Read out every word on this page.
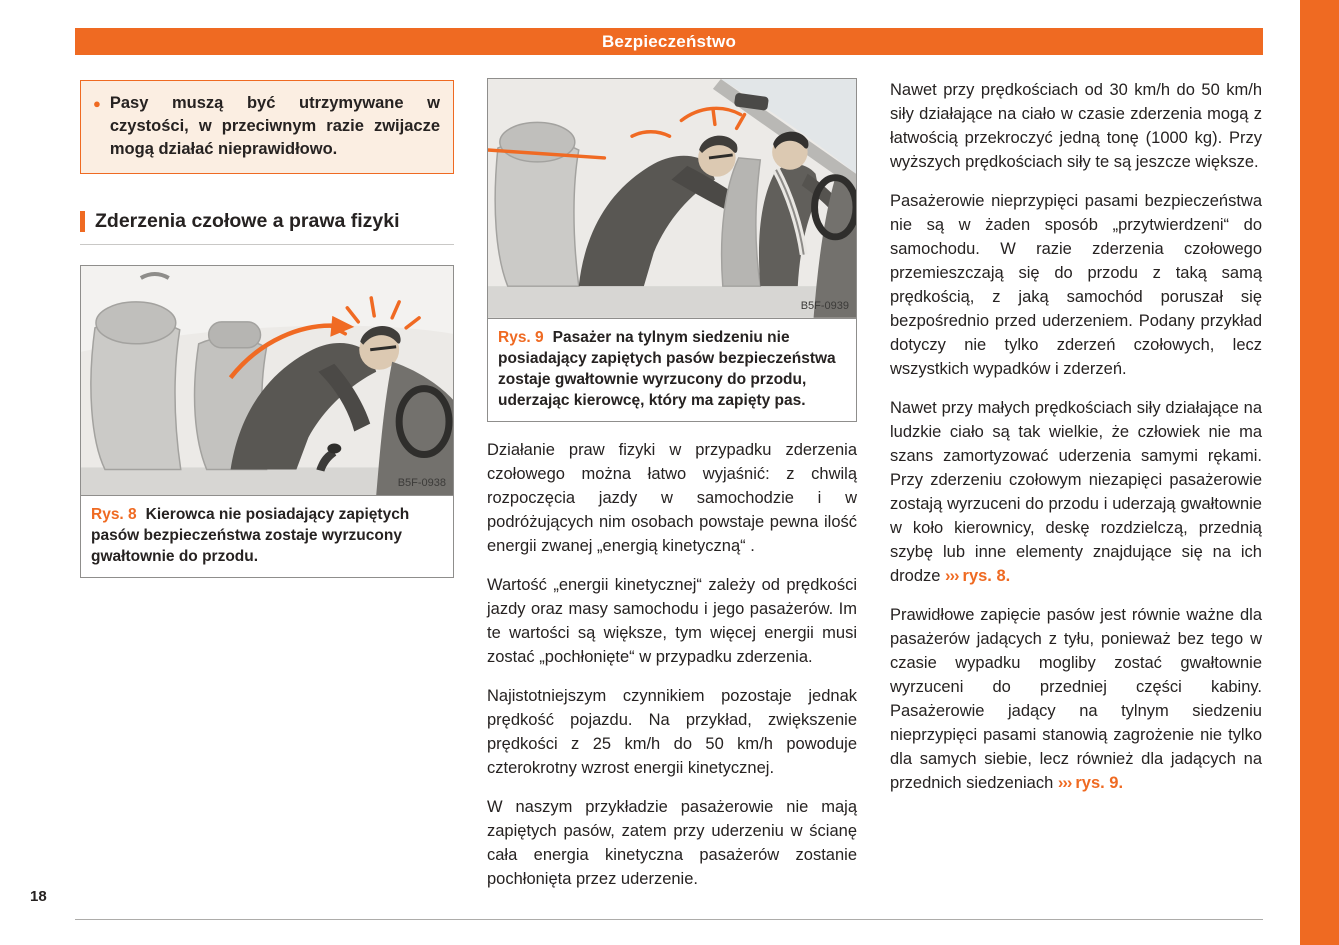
Bezpieczeństwo
● Pasy muszą być utrzymywane w czystości, w przeciwnym razie zwijacze mogą działać nieprawidłowo.
Zderzenia czołowe a prawa fizyki
B5F-0938
Rys. 8 Kierowca nie posiadający zapiętych pasów bezpieczeństwa zostaje wyrzucony gwałtownie do przodu.
B5F-0939
Rys. 9 Pasażer na tylnym siedzeniu nie posiadający zapiętych pasów bezpieczeństwa zostaje gwałtownie wyrzucony do przodu, uderzając kierowcę, który ma zapięty pas.

Działanie praw fizyki w przypadku zderzenia czołowego można łatwo wyjaśnić: z chwilą rozpoczęcia jazdy w samochodzie i w podróżujących nim osobach powstaje pewna ilość energii zwanej „energią kinetyczną“ .

Wartość „energii kinetycznej“ zależy od prędkości jazdy oraz masy samochodu i jego pasażerów. Im te wartości są większe, tym więcej energii musi zostać „pochłonięte“ w przypadku zderzenia.

Najistotniejszym czynnikiem pozostaje jednak prędkość pojazdu. Na przykład, zwiększenie prędkości z 25 km/h do 50 km/h powoduje czterokrotny wzrost energii kinetycznej.

W naszym przykładzie pasażerowie nie mają zapiętych pasów, zatem przy uderzeniu w ścianę cała energia kinetyczna pasażerów zostanie pochłonięta przez uderzenie.

Nawet przy prędkościach od 30 km/h do 50 km/h siły działające na ciało w czasie zderzenia mogą z łatwością przekroczyć jedną tonę (1000 kg). Przy wyższych prędkościach siły te są jeszcze większe.

Pasażerowie nieprzypięci pasami bezpieczeństwa nie są w żaden sposób „przytwierdzeni“ do samochodu. W razie zderzenia czołowego przemieszczają się do przodu z taką samą prędkością, z jaką samochód poruszał się bezpośrednio przed uderzeniem. Podany przykład dotyczy nie tylko zderzeń czołowych, lecz wszystkich wypadków i zderzeń.

Nawet przy małych prędkościach siły działające na ludzkie ciało są tak wielkie, że człowiek nie ma szans zamortyzować uderzenia samymi rękami. Przy zderzeniu czołowym niezapięci pasażerowie zostają wyrzuceni do przodu i uderzają gwałtownie w koło kierownicy, deskę rozdzielczą, przednią szybę lub inne elementy znajdujące się na ich drodze ››› rys. 8.

Prawidłowe zapięcie pasów jest równie ważne dla pasażerów jadących z tyłu, ponieważ bez tego w czasie wypadku mogliby zostać gwałtownie wyrzuceni do przedniej części kabiny. Pasażerowie jadący na tylnym siedzeniu nieprzypięci pasami stanowią zagrożenie nie tylko dla samych siebie, lecz również dla jadących na przednich siedzeniach ››› rys. 9.

18
